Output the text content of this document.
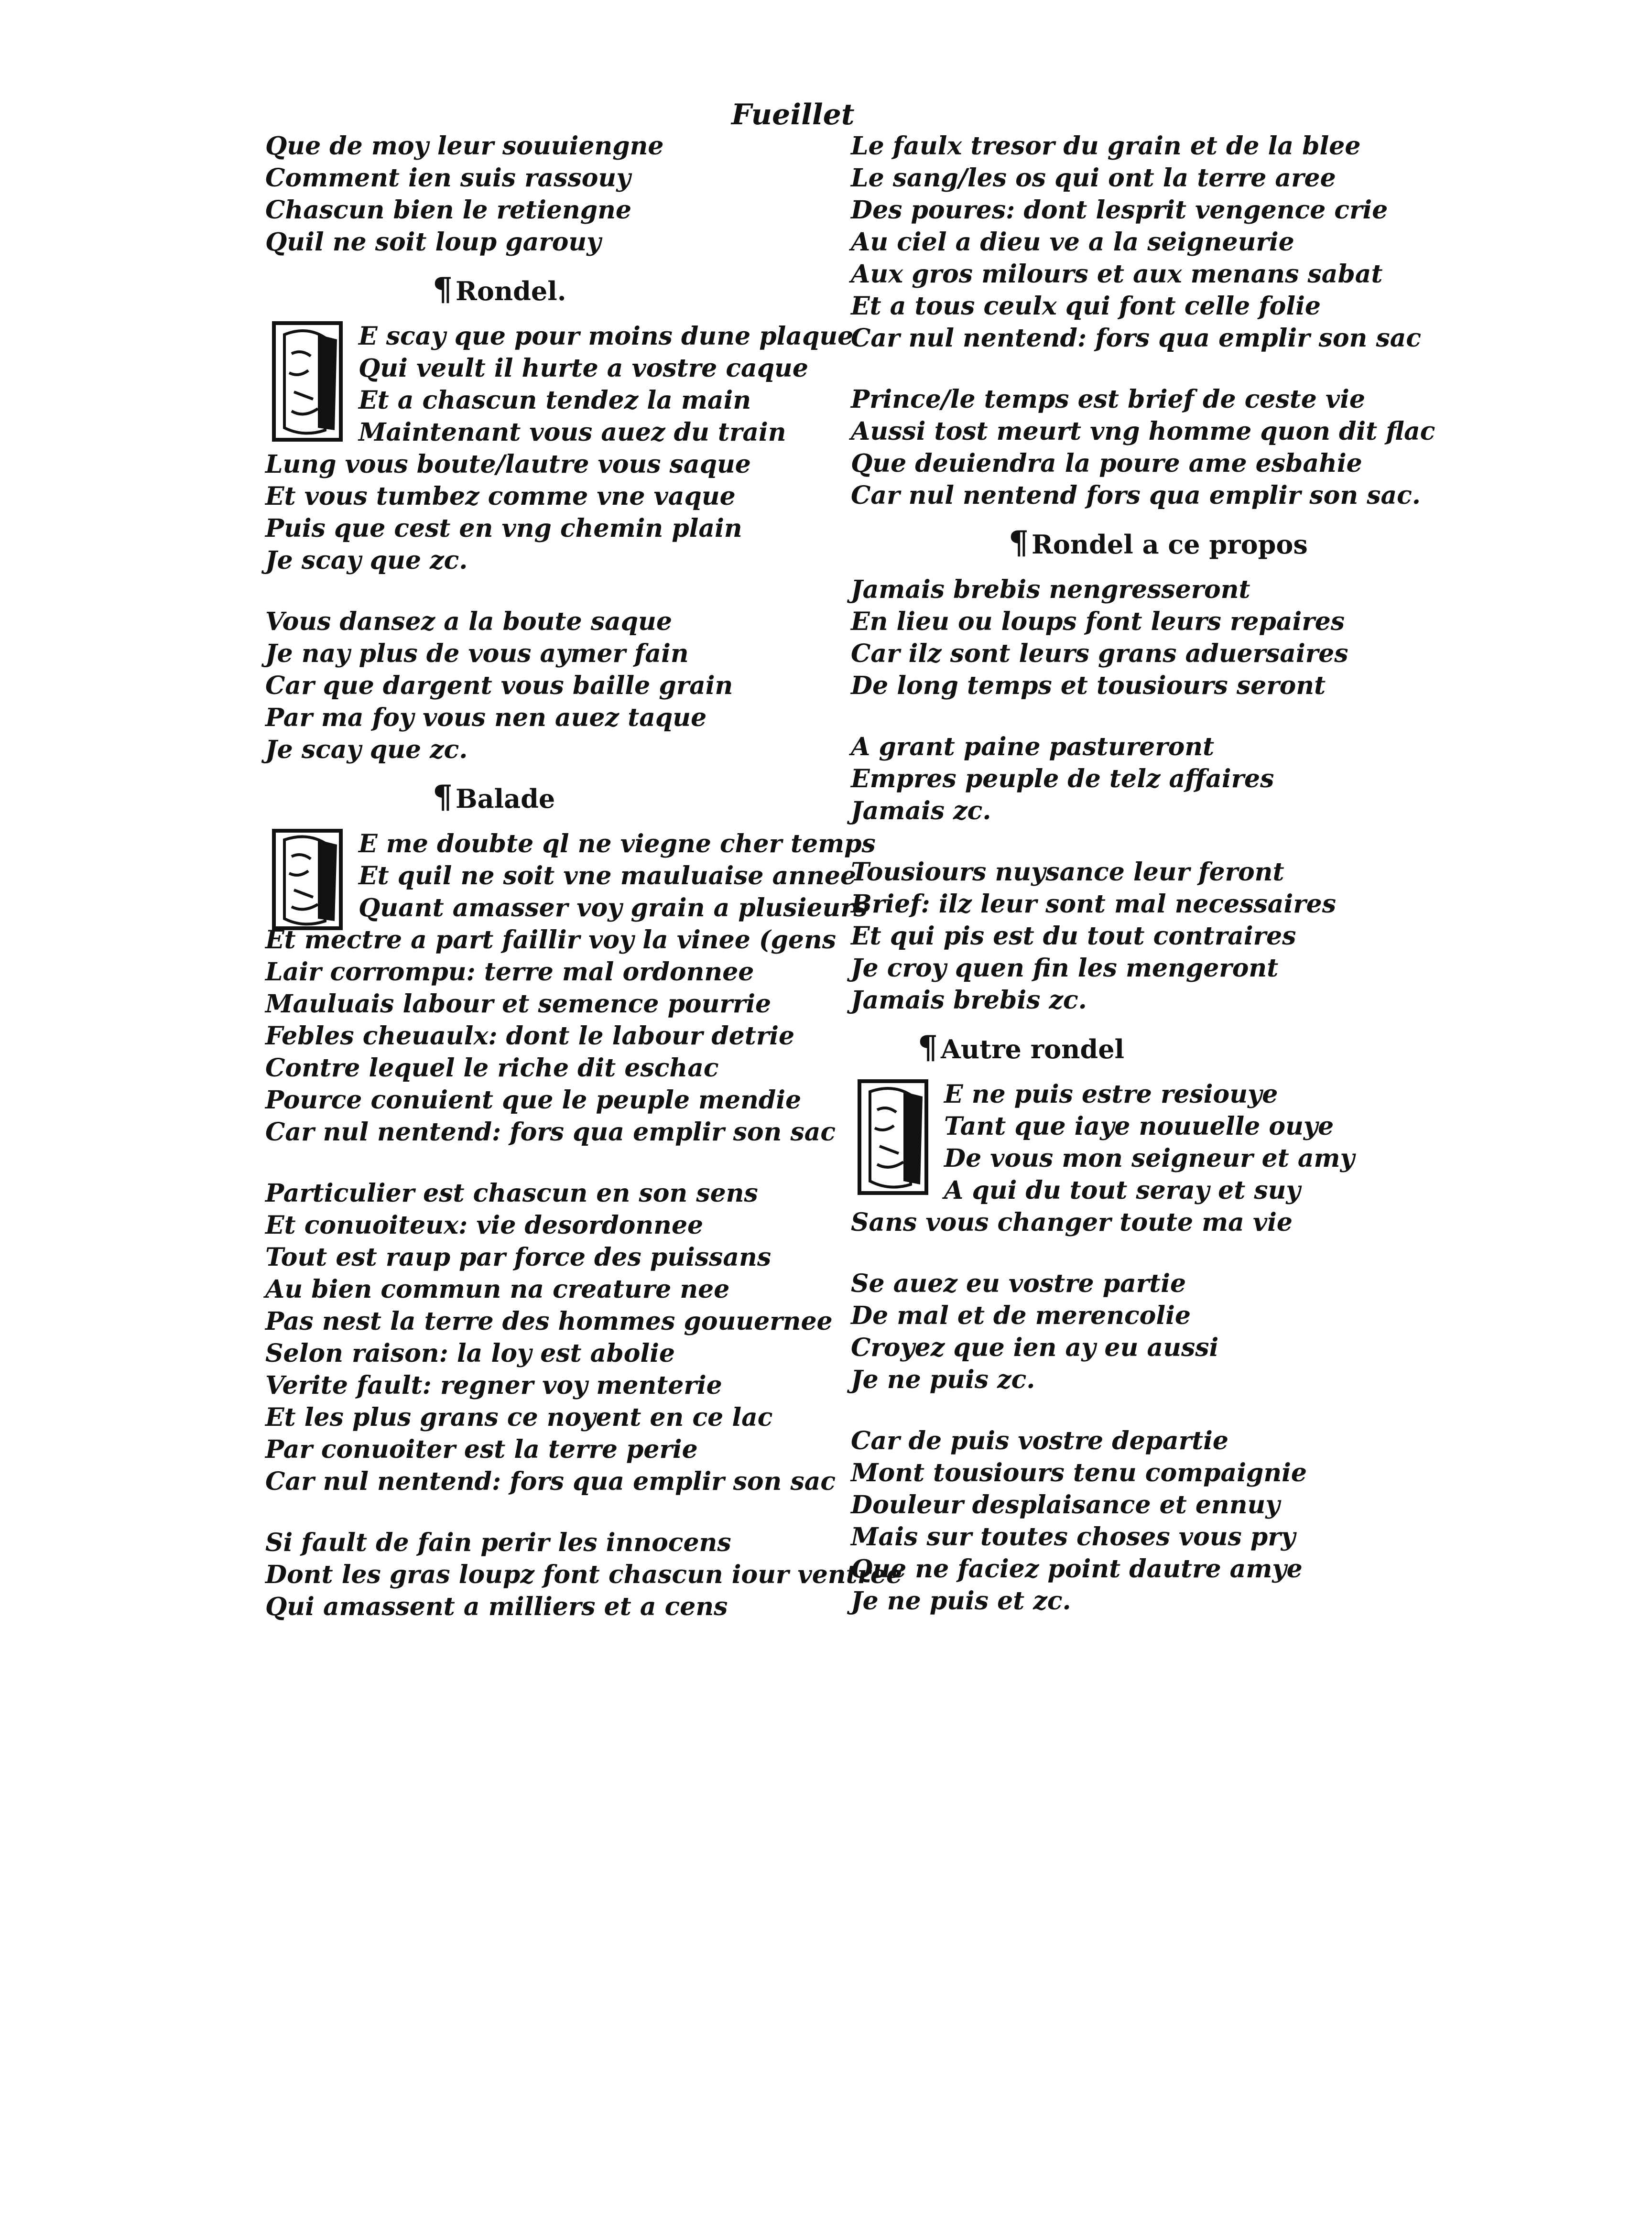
Fueillet
Que de moy leur souuiengne
Comment ien suis rassouy
Chascun bien le retiengne
Quil ne soit loup garouy
¶ Rondel.
E scay que pour moins dune plaque
Qui veult il hurte a vostre caque
Et a chascun tendez la main
Maintenant vous auez du train
Lung vous boute/lautre vous saque
Et vous tumbez comme vne vaque
Puis que cest en vng chemin plain
Je scay que zc.
Vous dansez a la boute saque
Je nay plus de vous aymer fain
Car que dargent vous baille grain
Par ma foy vous nen auez taque
Je scay que zc.
¶ Balade
E me doubte ql ne viegne cher temps
Et quil ne soit vne mauluaise annee
Quant amasser voy grain a plusieurs
Et mectre a part faillir voy la vinee (gens
Lair corrompu: terre mal ordonnee
Mauluais labour et semence pourrie
Febles cheuaulx: dont le labour detrie
Contre lequel le riche dit eschac
Pource conuient que le peuple mendie
Car nul nentend: fors qua emplir son sac
Particulier est chascun en son sens
Et conuoiteux: vie desordonnee
Tout est raup par force des puissans
Au bien commun na creature nee
Pas nest la terre des hommes gouuernee
Selon raison: la loy est abolie
Verite fault: regner voy menterie
Et les plus grans ce noyent en ce lac
Par conuoiter est la terre perie
Car nul nentend: fors qua emplir son sac
Si fault de fain perir les innocens
Dont les gras loupz font chascun iour ventree
Qui amassent a milliers et a cens
Le faulx tresor du grain et de la blee
Le sang/les os qui ont la terre aree
Des poures: dont lesprit vengence crie
Au ciel a dieu ve a la seigneurie
Aux gros milours et aux menans sabat
Et a tous ceulx qui font celle folie
Car nul nentend: fors qua emplir son sac
Prince/le temps est brief de ceste vie
Aussi tost meurt vng homme quon dit flac
Que deuiendra la poure ame esbahie
Car nul nentend fors qua emplir son sac.
¶ Rondel a ce propos
Jamais brebis nengresseront
En lieu ou loups font leurs repaires
Car ilz sont leurs grans aduersaires
De long temps et tousiours seront
A grant paine pastureront
Empres peuple de telz affaires
Jamais zc.
Tousiours nuysance leur feront
Brief: ilz leur sont mal necessaires
Et qui pis est du tout contraires
Je croy quen fin les mengeront
Jamais brebis zc.
¶ Autre rondel
E ne puis estre resiouye
Tant que iaye nouuelle ouye
De vous mon seigneur et amy
A qui du tout seray et suy
Sans vous changer toute ma vie
Se auez eu vostre partie
De mal et de merencolie
Croyez que ien ay eu aussi
Je ne puis zc.
Car de puis vostre departie
Mont tousiours tenu compaignie
Douleur desplaisance et ennuy
Mais sur toutes choses vous pry
Que ne faciez point dautre amye
Je ne puis et zc.
